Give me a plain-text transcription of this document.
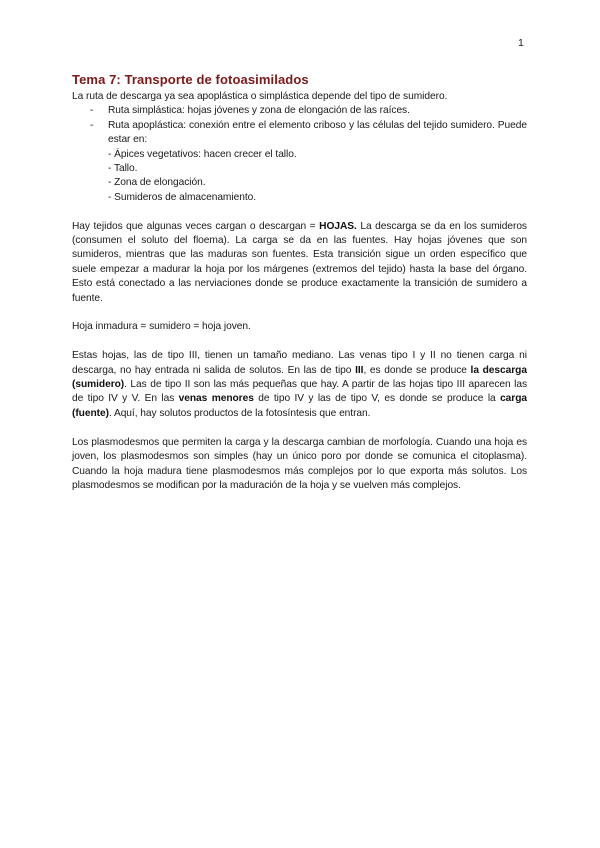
1
Tema 7: Transporte de fotoasimilados

La ruta de descarga ya sea apoplástica o simplástica depende del tipo de sumidero.

- Ruta simplástica: hojas jóvenes y zona de elongación de las raíces.
- Ruta apoplástica: conexión entre el elemento criboso y las células del tejido sumidero. Puede estar en:
- Ápices vegetativos: hacen crecer el tallo.
- Tallo.
- Zona de elongación.
- Sumideros de almacenamiento.

Hay tejidos que algunas veces cargan o descargan = HOJAS. La descarga se da en los sumideros (consumen el soluto del floema). La carga se da en las fuentes. Hay hojas jóvenes que son sumideros, mientras que las maduras son fuentes. Esta transición sigue un orden específico que suele empezar a madurar la hoja por los márgenes (extremos del tejido) hasta la base del órgano. Esto está conectado a las nerviaciones donde se produce exactamente la transición de sumidero a fuente.

Hoja inmadura = sumidero = hoja joven.

Estas hojas, las de tipo III, tienen un tamaño mediano. Las venas tipo I y II no tienen carga ni descarga, no hay entrada ni salida de solutos. En las de tipo III, es donde se produce la descarga (sumidero). Las de tipo II son las más pequeñas que hay. A partir de las hojas tipo III aparecen las de tipo IV y V. En las venas menores de tipo IV y las de tipo V, es donde se produce la carga (fuente). Aquí, hay solutos productos de la fotosíntesis que entran.

Los plasmodesmos que permiten la carga y la descarga cambian de morfología. Cuando una hoja es joven, los plasmodesmos son simples (hay un único poro por donde se comunica el citoplasma). Cuando la hoja madura tiene plasmodesmos más complejos por lo que exporta más solutos. Los plasmodesmos se modifican por la maduración de la hoja y se vuelven más complejos.
